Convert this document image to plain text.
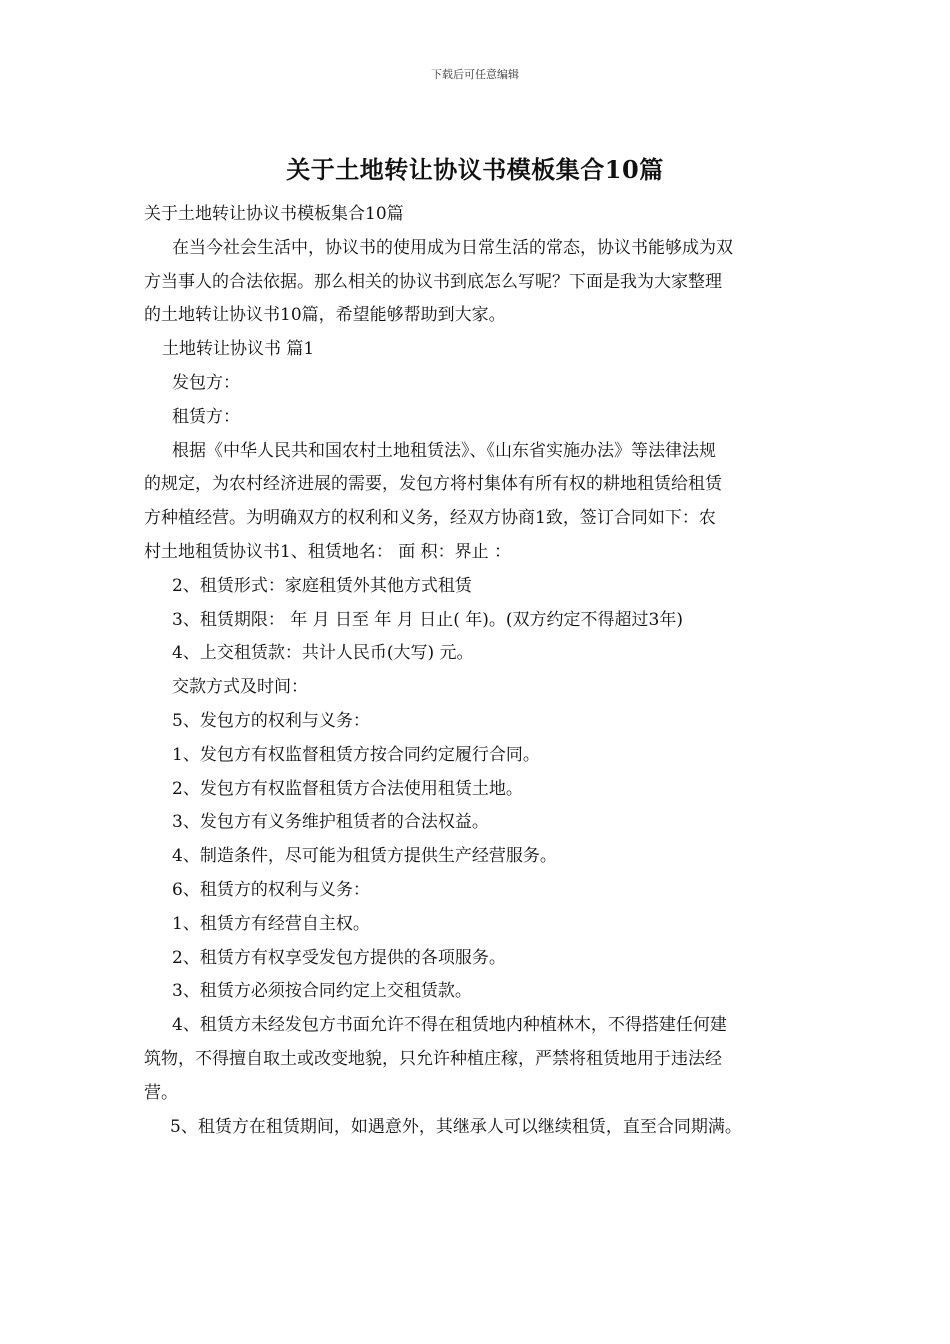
下载后可任意编辑
关于土地转让协议书模板集合10篇
关于土地转让协议书模板集合10篇
在当今社会生活中，协议书的使用成为日常生活的常态，协议书能够成为双
方当事人的合法依据。那么相关的协议书到底怎么写呢？下面是我为大家整理
的土地转让协议书10篇，希望能够帮助到大家。
土地转让协议书 篇1
发包方：
租赁方：
根据《中华人民共和国农村土地租赁法》、《山东省实施办法》等法律法规
的规定，为农村经济进展的需要，发包方将村集体有所有权的耕地租赁给租赁
方种植经营。为明确双方的权利和义务，经双方协商1致，签订合同如下：农
村土地租赁协议书1、租赁地名： 面 积：界止 ：
2、租赁形式：家庭租赁外其他方式租赁
3、租赁期限： 年 月 日至 年 月 日止( 年)。(双方约定不得超过3年)
4、上交租赁款：共计人民币(大写) 元。
交款方式及时间：
5、发包方的权利与义务：
1、发包方有权监督租赁方按合同约定履行合同。
2、发包方有权监督租赁方合法使用租赁土地。
3、发包方有义务维护租赁者的合法权益。
4、制造条件，尽可能为租赁方提供生产经营服务。
6、租赁方的权利与义务：
1、租赁方有经营自主权。
2、租赁方有权享受发包方提供的各项服务。
3、租赁方必须按合同约定上交租赁款。
4、租赁方未经发包方书面允许不得在租赁地内种植林木，不得搭建任何建
筑物，不得擅自取土或改变地貌，只允许种植庄稼，严禁将租赁地用于违法经
营。
5、租赁方在租赁期间，如遇意外，其继承人可以继续租赁，直至合同期满。
